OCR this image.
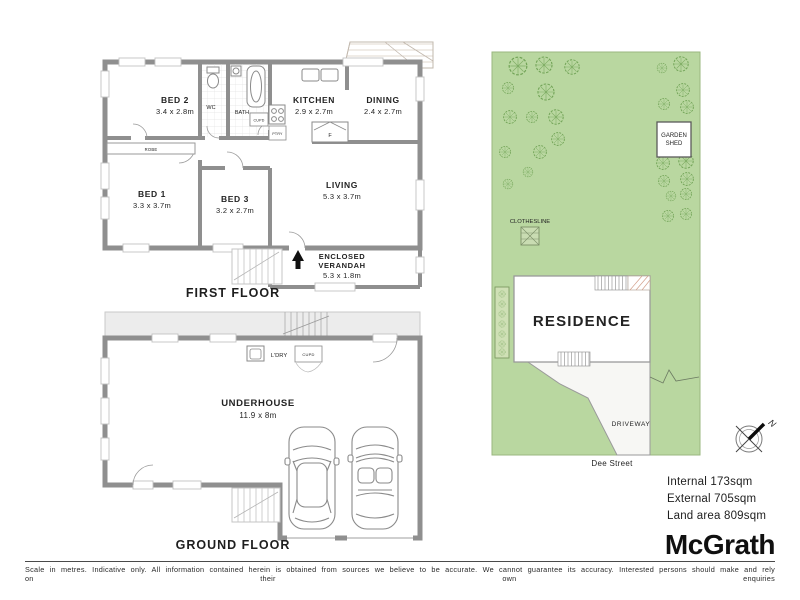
BED 2
3.4 x 2.8m WC
BATH
KITCHEN
2.9 x 2.7m
DINING
2.4 x 2.7m
ROBE
CUPD
PTRY	F
BED 1
3.3 x 3.7m
BED 3
3.2 x 2.7m
LIVING
5.3 x 3.7m
ENCLOSED
VERANDAH
5.3 x 1.8m
FIRST FLOOR
UNDERHOUSE
11.9 x 8m
L'DRY	CUPD
GROUND FLOOR
GARDEN
SHED
CLOTHESLINE
RESIDENCE
DRIVEWAY
Dee Street
N
Internal 173sqm
External 705sqm
Land area 809sqm
McGrath
Scale in metres. Indicative only. All information contained herein is obtained from sources we believe to be accurate. We cannot guarantee its accuracy. Interested persons should make and rely on their own enquiries
